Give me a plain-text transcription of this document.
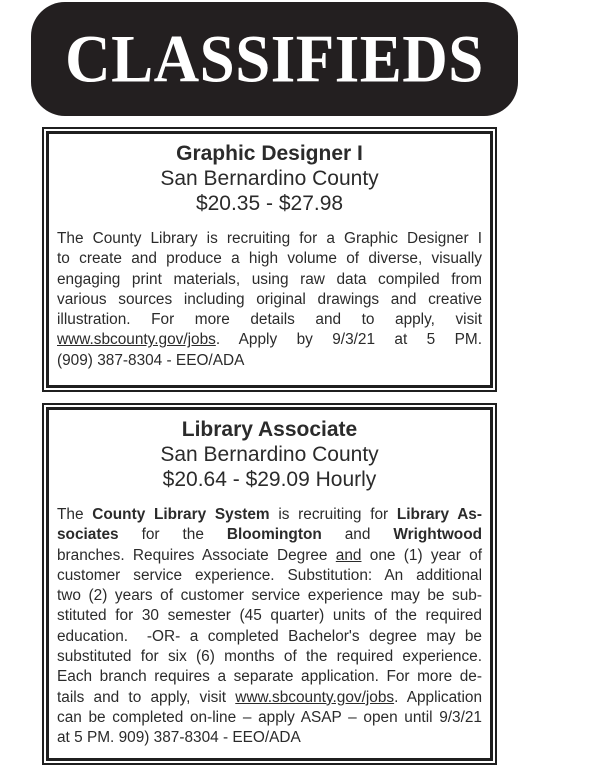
CLASSIFIEDS
Graphic Designer I
San Bernardino County
$20.35 - $27.98
The County Library is recruiting for a Graphic Designer I
to create and produce a high volume of diverse, visually
engaging print materials, using raw data compiled from
various sources including original drawings and creative
illustration. For more details and to apply, visit
www.sbcounty.gov/jobs. Apply by 9/3/21 at 5 PM.
(909) 387-8304 - EEO/ADA
Library Associate
San Bernardino County
$20.64 - $29.09 Hourly
The County Library System is recruiting for Library As-
sociates for the Bloomington and Wrightwood
branches. Requires Associate Degree and one (1) year of
customer service experience. Substitution: An additional
two (2) years of customer service experience may be sub-
stituted for 30 semester (45 quarter) units of the required
education.  -OR- a completed Bachelor's degree may be
substituted for six (6) months of the required experience.
Each branch requires a separate application. For more de-
tails and to apply, visit www.sbcounty.gov/jobs. Application
can be completed on-line – apply ASAP – open until 9/3/21
at 5 PM. 909) 387-8304 - EEO/ADA
